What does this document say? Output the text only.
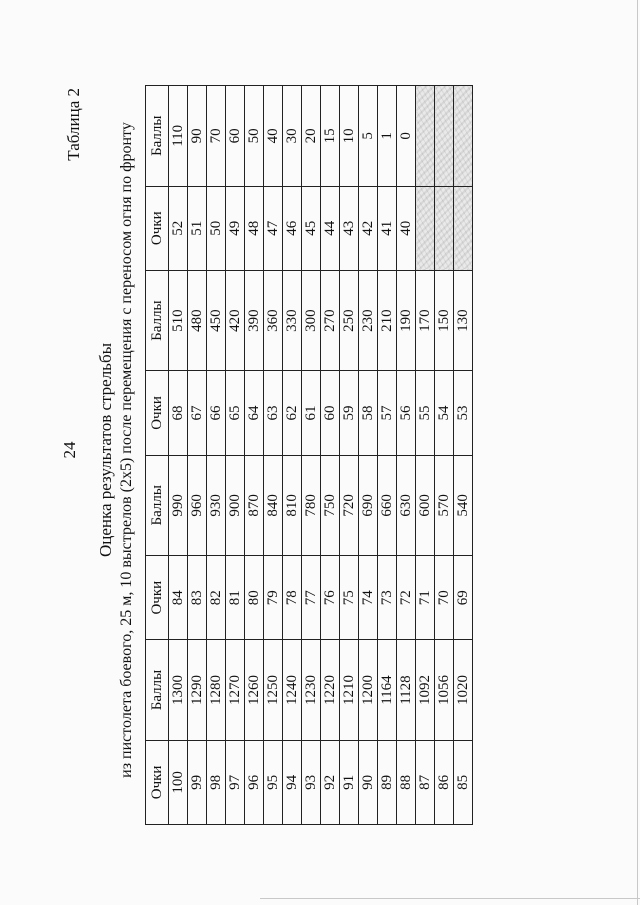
24
Таблица 2
Оценка результатов стрельбы из пистолета боевого, 25 м, 10 выстрелов (2х5) после перемещения с переносом огня по фронту
Очки	Баллы	Очки	Баллы	Очки	Баллы	Очки	Баллы
100	1300	84	990	68	510	52	110
99	1290	83	960	67	480	51	90
98	1280	82	930	66	450	50	70
97	1270	81	900	65	420	49	60
96	1260	80	870	64	390	48	50
95	1250	79	840	63	360	47	40
94	1240	78	810	62	330	46	30
93	1230	77	780	61	300	45	20
92	1220	76	750	60	270	44	15
91	1210	75	720	59	250	43	10
90	1200	74	690	58	230	42	5
89	1164	73	660	57	210	41	1
88	1128	72	630	56	190	40	0
87	1092	71	600	55	170		
86	1056	70	570	54	150		
85	1020	69	540	53	130		
